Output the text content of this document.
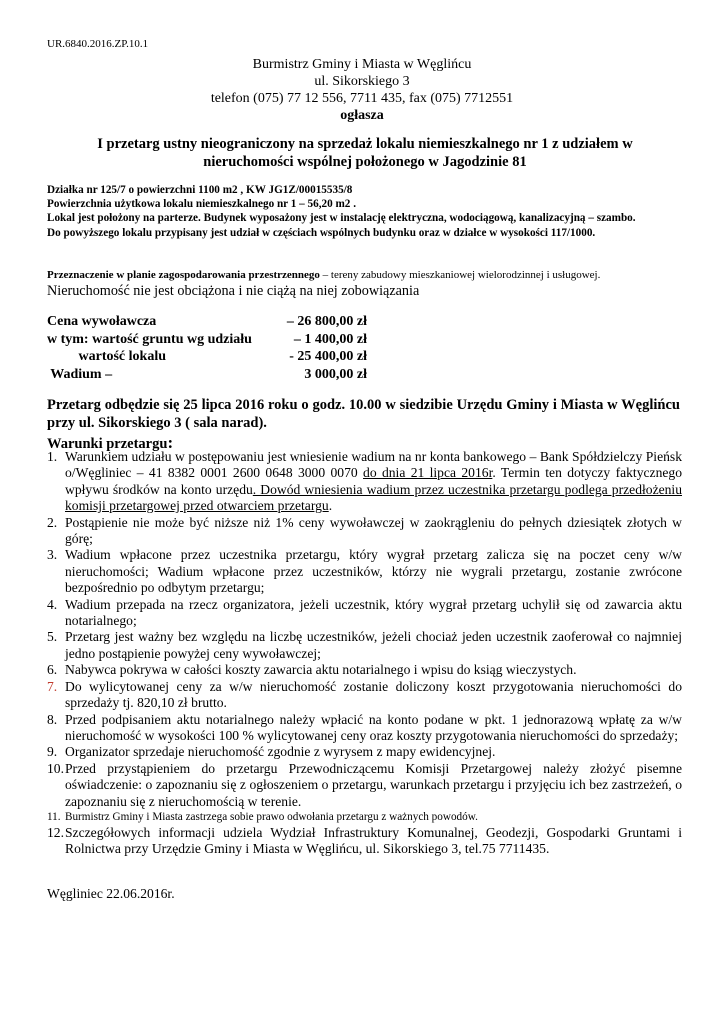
UR.6840.2016.ZP.10.1
Burmistrz Gminy i Miasta w Węglińcu
ul. Sikorskiego 3
telefon (075) 77 12 556, 7711 435, fax (075) 7712551
ogłasza
I przetarg ustny nieograniczony na sprzedaż lokalu niemieszkalnego nr 1 z udziałem w nieruchomości wspólnej położonego w Jagodzinie 81

Działka nr 125/7 o powierzchni 1100 m2 , KW JG1Z/00015535/8

Powierzchnia użytkowa lokalu niemieszkalnego nr 1 – 56,20 m2 .

Lokal jest położony na parterze. Budynek wyposażony jest w instalację elektryczna, wodociągową, kanalizacyjną – szambo.

Do powyższego lokalu przypisany jest udział w częściach wspólnych budynku oraz w działce w wysokości 117/1000.

Przeznaczenie w planie zagospodarowania przestrzennego – tereny zabudowy mieszkaniowej wielorodzinnej i usługowej.
Nieruchomość nie jest obciążona i nie ciążą na niej zobowiązania
Cena wywoławcza	– 26 800,00 zł
w tym: wartość gruntu wg udziału	– 1 400,00 zł
wartość lokalu	- 25 400,00 zł
Wadium –	3 000,00 zł
Przetarg odbędzie się 25 lipca 2016 roku o godz. 10.00 w siedzibie Urzędu Gminy i Miasta w Węglińcu przy ul. Sikorskiego 3 ( sala narad).
Warunki przetargu:
1. Warunkiem udziału w postępowaniu jest wniesienie wadium na nr konta bankowego – Bank Spółdzielczy Pieńsk o/Węgliniec – 41 8382 0001 2600 0648 3000 0070 do dnia 21 lipca 2016r. Termin ten dotyczy faktycznego wpływu środków na konto urzędu. Dowód wniesienia wadium przez uczestnika przetargu podlega przedłożeniu komisji przetargowej przed otwarciem przetargu.
2. Postąpienie nie może być niższe niż 1% ceny wywoławczej w zaokrągleniu do pełnych dziesiątek złotych w górę;
3. Wadium wpłacone przez uczestnika przetargu, który wygrał przetarg zalicza się na poczet ceny w/w nieruchomości; Wadium wpłacone przez uczestników, którzy nie wygrali przetargu, zostanie zwrócone bezpośrednio po odbytym przetargu;
4. Wadium przepada na rzecz organizatora, jeżeli uczestnik, który wygrał przetarg uchylił się od zawarcia aktu notarialnego;
5. Przetarg jest ważny bez względu na liczbę uczestników, jeżeli chociaż jeden uczestnik zaoferował co najmniej jedno postąpienie powyżej ceny wywoławczej;
6. Nabywca pokrywa w całości koszty zawarcia aktu notarialnego i wpisu do ksiąg wieczystych.
7. Do wylicytowanej ceny za w/w nieruchomość zostanie doliczony koszt przygotowania nieruchomości do sprzedaży tj. 820,10 zł brutto.
8. Przed podpisaniem aktu notarialnego należy wpłacić na konto podane w pkt. 1 jednorazową wpłatę za w/w nieruchomość w wysokości 100 % wylicytowanej ceny oraz koszty przygotowania nieruchomości do sprzedaży;
9. Organizator sprzedaje nieruchomość zgodnie z wyrysem z mapy ewidencyjnej.
10. Przed przystąpieniem do przetargu Przewodniczącemu Komisji Przetargowej należy złożyć pisemne oświadczenie: o zapoznaniu się z ogłoszeniem o przetargu, warunkach przetargu i przyjęciu ich bez zastrzeżeń, o zapoznaniu się z nieruchomością w terenie.
11. Burmistrz Gminy i Miasta zastrzega sobie prawo odwołania przetargu z ważnych powodów.
12. Szczegółowych informacji udziela Wydział Infrastruktury Komunalnej, Geodezji, Gospodarki Gruntami i Rolnictwa przy Urzędzie Gminy i Miasta w Węglińcu, ul. Sikorskiego 3, tel.75 7711435.
Węgliniec 22.06.2016r.
